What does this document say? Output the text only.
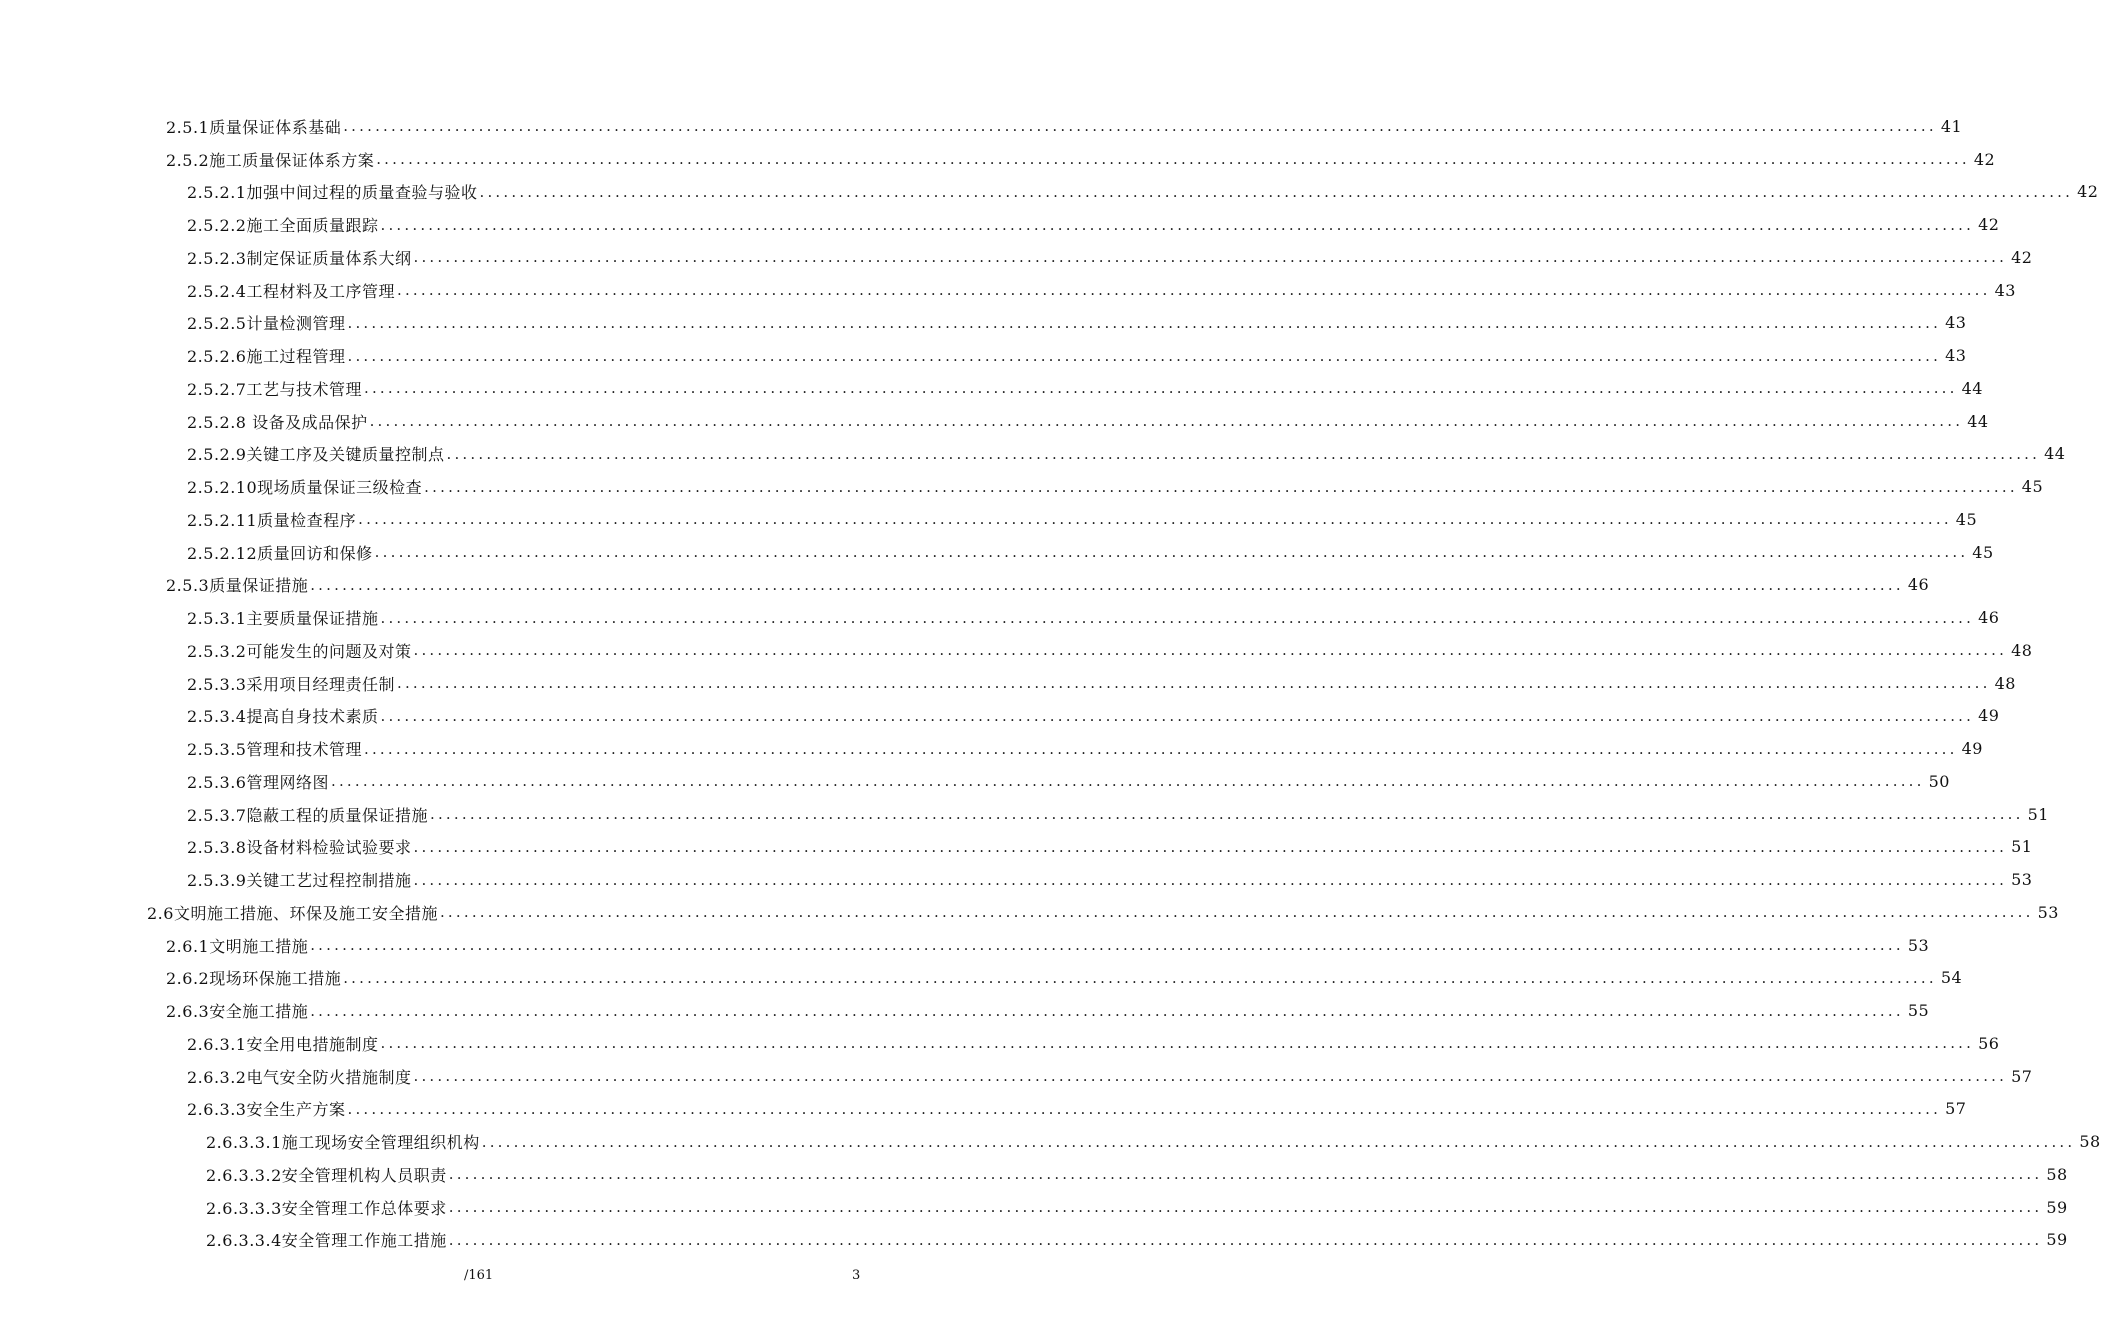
2.5.1质量保证体系基础 ........................................................................................................................................................................................................ 41
2.5.2施工质量保证体系方案 ........................................................................................................................................................................................................ 42
2.5.2.1加强中间过程的质量查验与验收 ........................................................................................................................................................................................................ 42
2.5.2.2施工全面质量跟踪 ........................................................................................................................................................................................................ 42
2.5.2.3制定保证质量体系大纲 ........................................................................................................................................................................................................ 42
2.5.2.4工程材料及工序管理 ........................................................................................................................................................................................................ 43
2.5.2.5计量检测管理 ........................................................................................................................................................................................................ 43
2.5.2.6施工过程管理 ........................................................................................................................................................................................................ 43
2.5.2.7工艺与技术管理 ........................................................................................................................................................................................................ 44
2.5.2.8 设备及成品保护 ........................................................................................................................................................................................................ 44
2.5.2.9关键工序及关键质量控制点 ........................................................................................................................................................................................................ 44
2.5.2.10现场质量保证三级检查 ........................................................................................................................................................................................................ 45
2.5.2.11质量检查程序 ........................................................................................................................................................................................................ 45
2.5.2.12质量回访和保修 ........................................................................................................................................................................................................ 45
2.5.3质量保证措施 ........................................................................................................................................................................................................ 46
2.5.3.1主要质量保证措施 ........................................................................................................................................................................................................ 46
2.5.3.2可能发生的问题及对策 ........................................................................................................................................................................................................ 48
2.5.3.3采用项目经理责任制 ........................................................................................................................................................................................................ 48
2.5.3.4提高自身技术素质 ........................................................................................................................................................................................................ 49
2.5.3.5管理和技术管理 ........................................................................................................................................................................................................ 49
2.5.3.6管理网络图 ........................................................................................................................................................................................................ 50
2.5.3.7隐蔽工程的质量保证措施 ........................................................................................................................................................................................................ 51
2.5.3.8设备材料检验试验要求 ........................................................................................................................................................................................................ 51
2.5.3.9关键工艺过程控制措施 ........................................................................................................................................................................................................ 53
2.6文明施工措施、环保及施工安全措施 ........................................................................................................................................................................................................ 53
2.6.1文明施工措施 ........................................................................................................................................................................................................ 53
2.6.2现场环保施工措施 ........................................................................................................................................................................................................ 54
2.6.3安全施工措施 ........................................................................................................................................................................................................ 55
2.6.3.1安全用电措施制度 ........................................................................................................................................................................................................ 56
2.6.3.2电气安全防火措施制度 ........................................................................................................................................................................................................ 57
2.6.3.3安全生产方案 ........................................................................................................................................................................................................ 57
2.6.3.3.1施工现场安全管理组织机构 ........................................................................................................................................................................................................ 58
2.6.3.3.2安全管理机构人员职责 ........................................................................................................................................................................................................ 58
2.6.3.3.3安全管理工作总体要求 ........................................................................................................................................................................................................ 59
2.6.3.3.4安全管理工作施工措施 ........................................................................................................................................................................................................ 59
/161	3
